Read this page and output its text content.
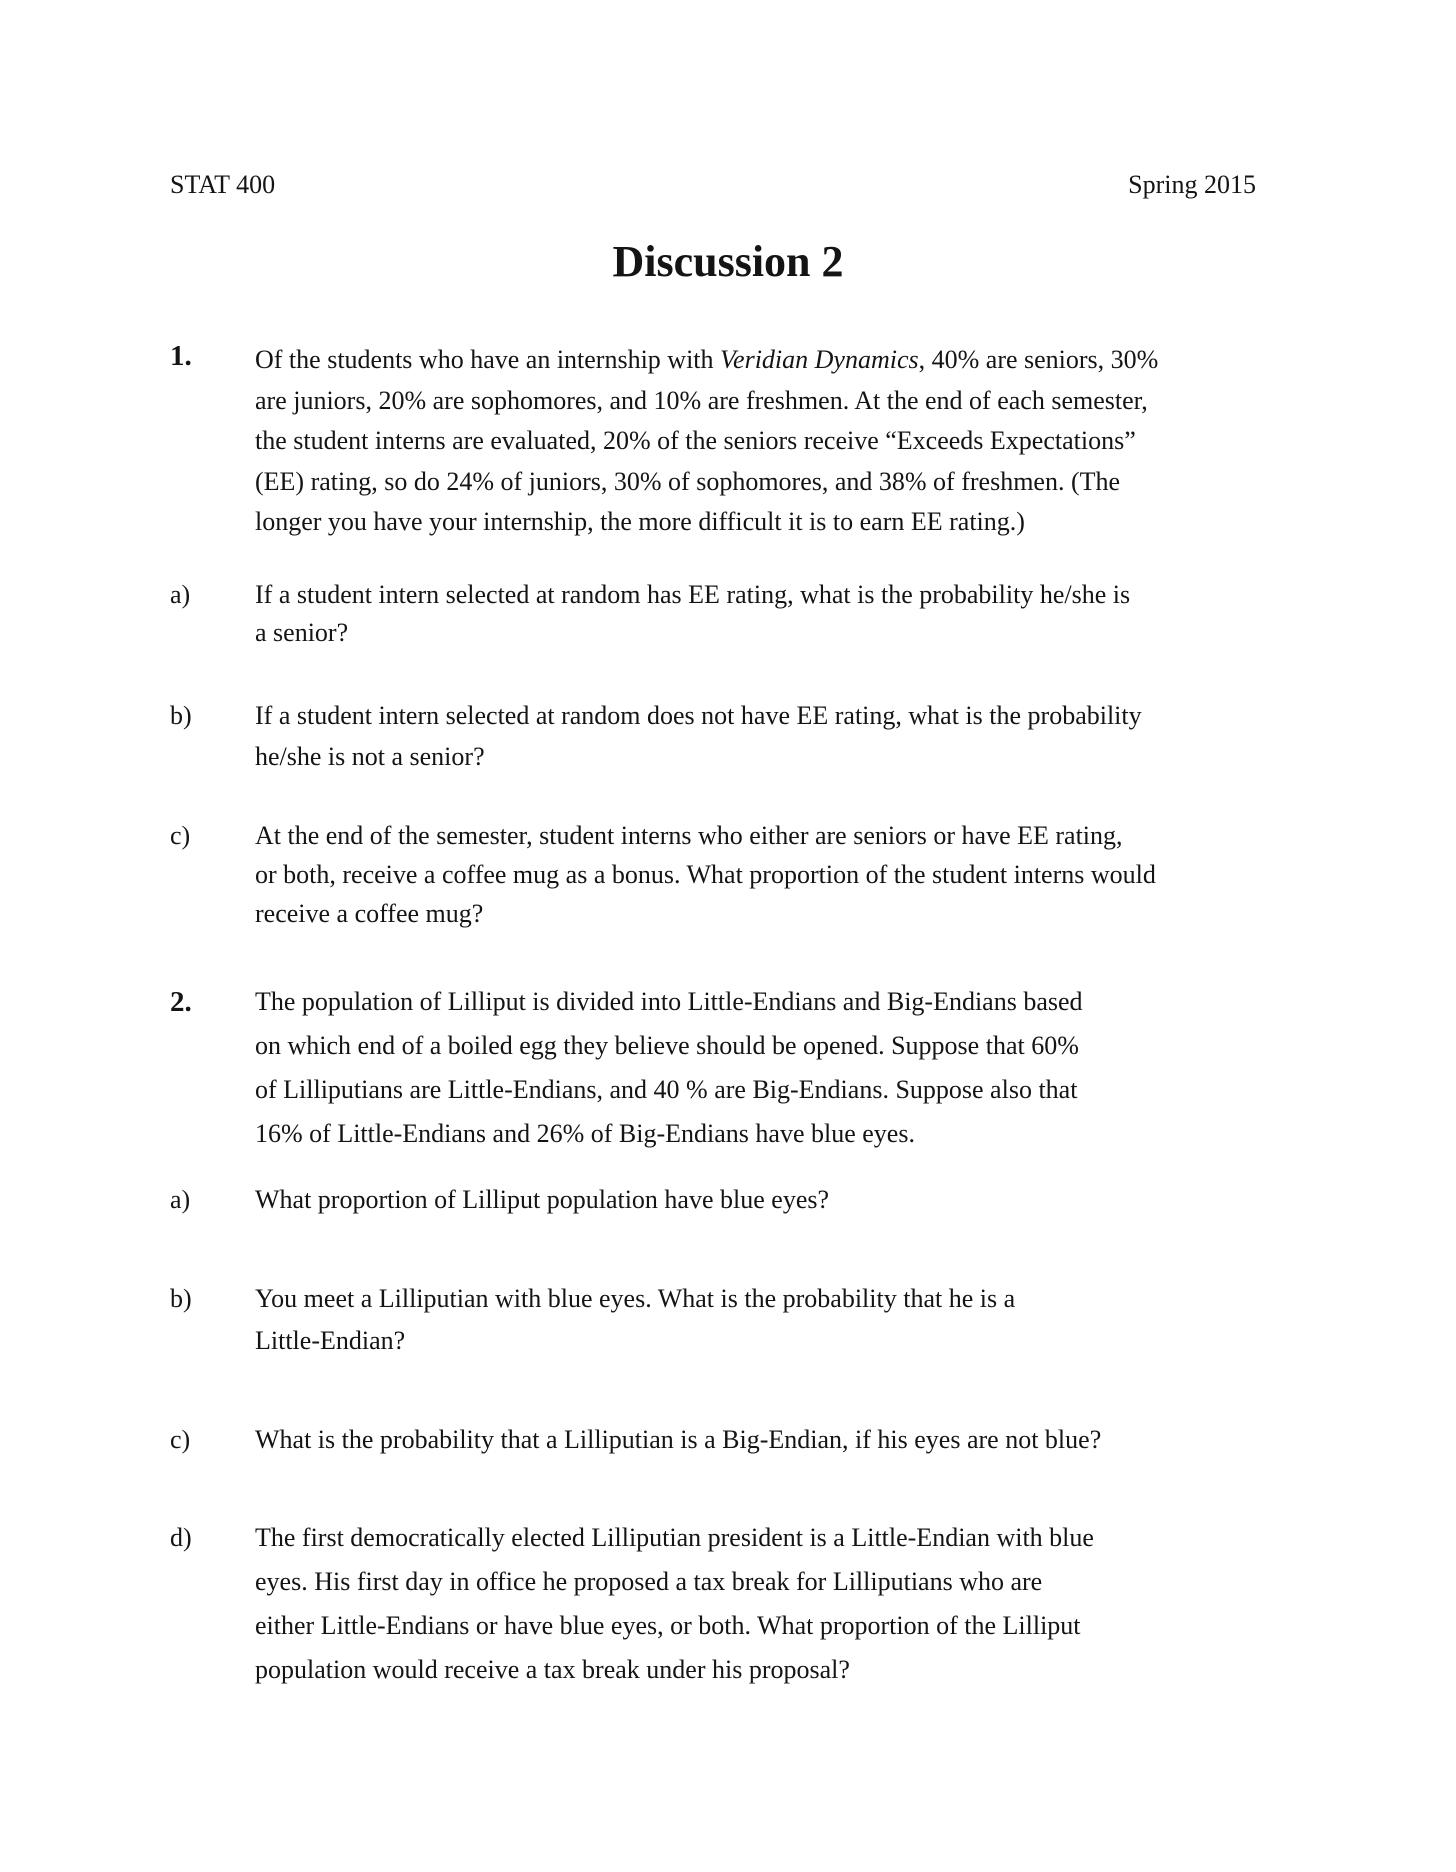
STAT 400	Spring 2015
Discussion 2
1. Of the students who have an internship with Veridian Dynamics, 40% are seniors, 30%
are juniors, 20% are sophomores, and 10% are freshmen. At the end of each semester,
the student interns are evaluated, 20% of the seniors receive “Exceeds Expectations”
(EE) rating, so do 24% of juniors, 30% of sophomores, and 38% of freshmen. (The
longer you have your internship, the more difficult it is to earn EE rating.)
a) If a student intern selected at random has EE rating, what is the probability he/she is
a senior?
b) If a student intern selected at random does not have EE rating, what is the probability
he/she is not a senior?
c) At the end of the semester, student interns who either are seniors or have EE rating,
or both, receive a coffee mug as a bonus. What proportion of the student interns would
receive a coffee mug?
2. The population of Lilliput is divided into Little-Endians and Big-Endians based
on which end of a boiled egg they believe should be opened. Suppose that 60%
of Lilliputians are Little-Endians, and 40 % are Big-Endians. Suppose also that
16% of Little-Endians and 26% of Big-Endians have blue eyes.
a) What proportion of Lilliput population have blue eyes?
b) You meet a Lilliputian with blue eyes. What is the probability that he is a
Little-Endian?
c) What is the probability that a Lilliputian is a Big-Endian, if his eyes are not blue?
d) The first democratically elected Lilliputian president is a Little-Endian with blue
eyes. His first day in office he proposed a tax break for Lilliputians who are
either Little-Endians or have blue eyes, or both. What proportion of the Lilliput
population would receive a tax break under his proposal?
